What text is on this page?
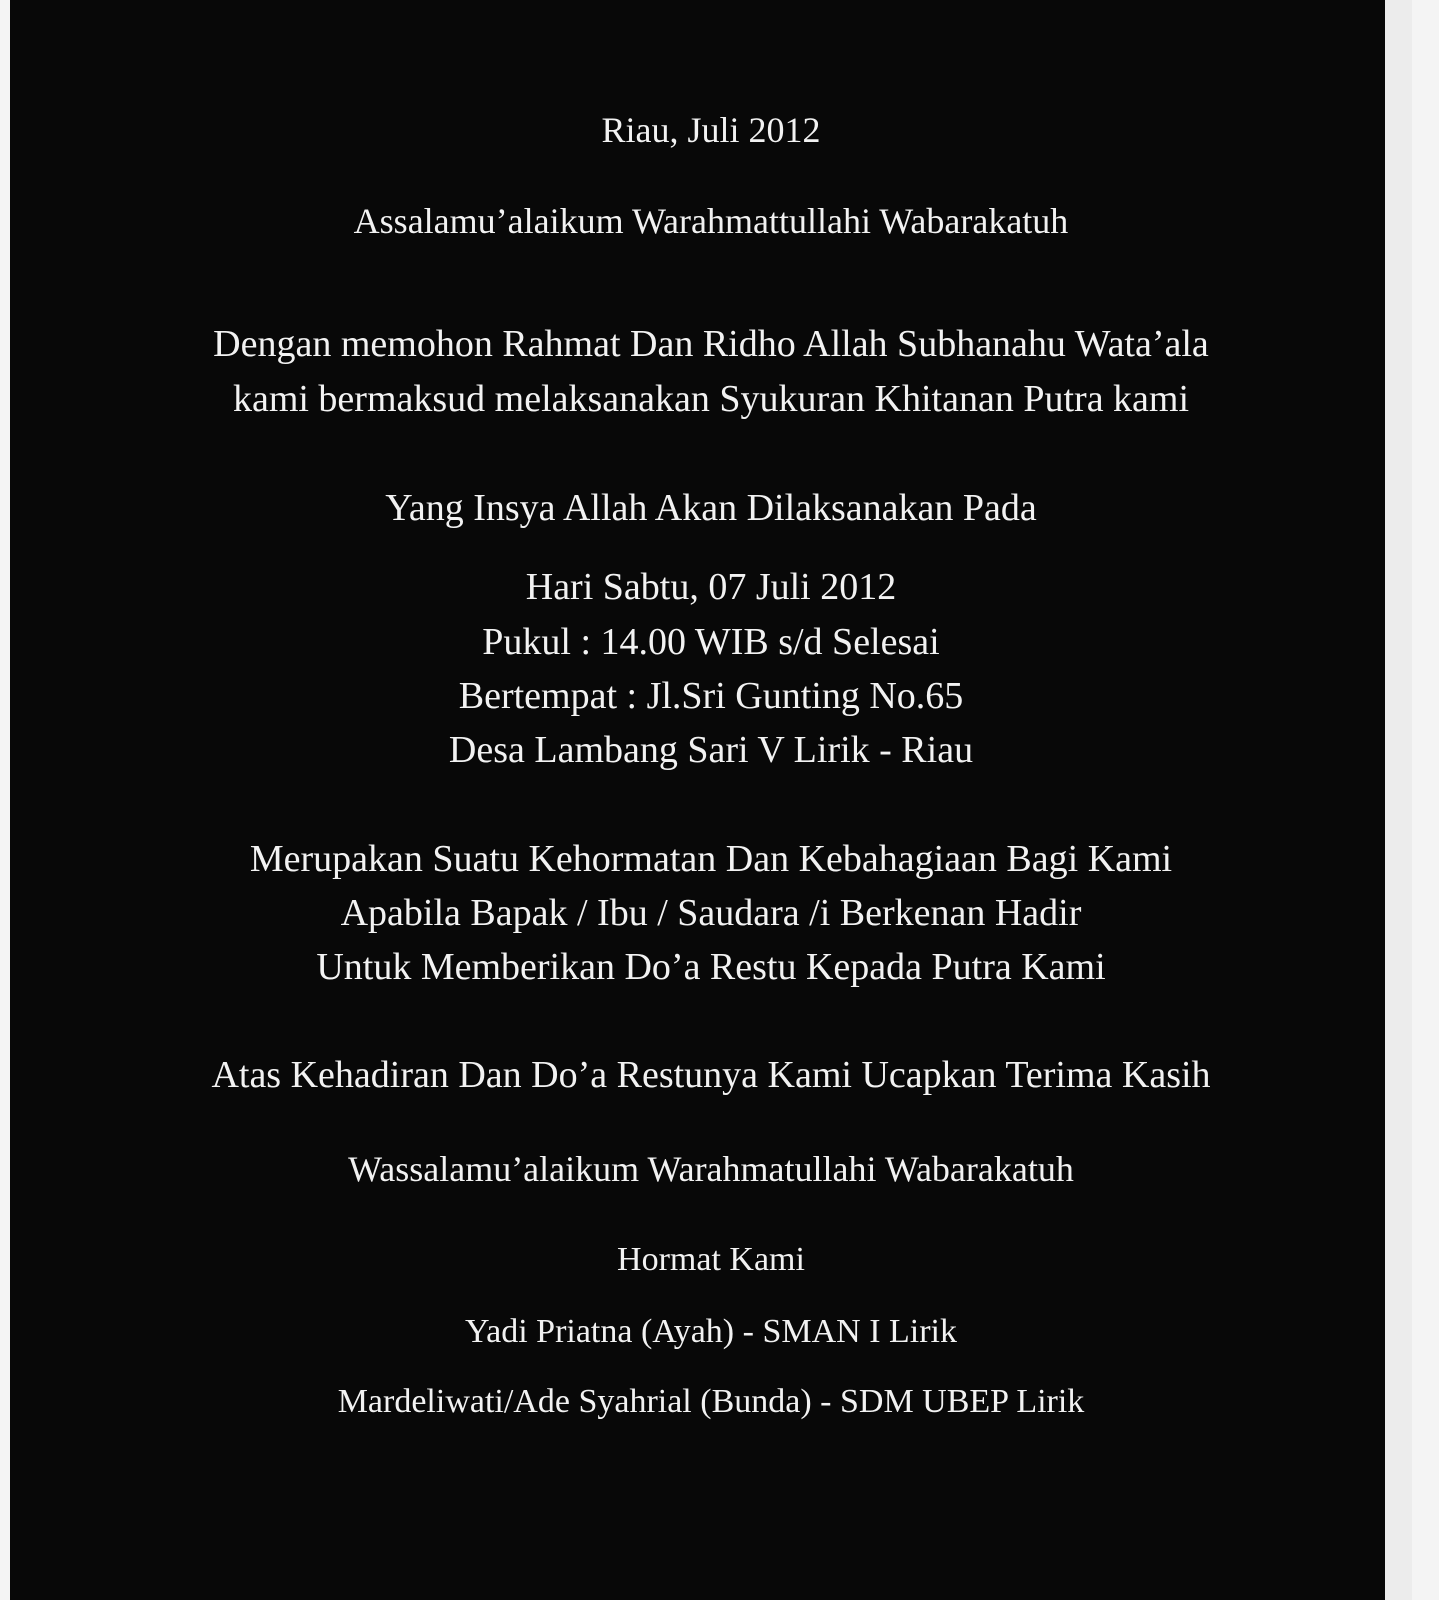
Riau, Juli 2012
Assalamu’alaikum Warahmattullahi Wabarakatuh
Dengan memohon Rahmat Dan Ridho Allah Subhanahu Wata’ala
kami bermaksud melaksanakan Syukuran Khitanan Putra kami
Yang Insya Allah Akan Dilaksanakan Pada
Hari Sabtu, 07 Juli 2012
Pukul : 14.00 WIB s/d Selesai
Bertempat : Jl.Sri Gunting No.65
Desa Lambang Sari V Lirik - Riau
Merupakan Suatu Kehormatan Dan Kebahagiaan Bagi Kami
Apabila Bapak / Ibu / Saudara /i Berkenan Hadir
Untuk Memberikan Do’a Restu Kepada Putra Kami
Atas Kehadiran Dan Do’a Restunya Kami Ucapkan Terima Kasih
Wassalamu’alaikum Warahmatullahi Wabarakatuh
Hormat Kami
Yadi Priatna (Ayah) - SMAN I Lirik
Mardeliwati/Ade Syahrial (Bunda) - SDM UBEP Lirik
